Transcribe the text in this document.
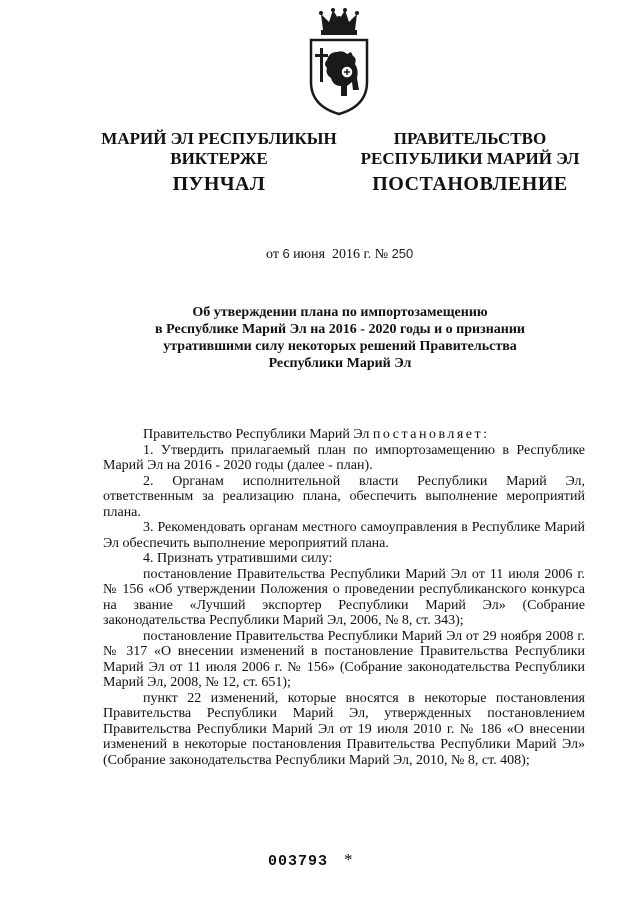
МАРИЙ ЭЛ РЕСПУБЛИКЫН
ВИКТЕРЖЕ
ПУНЧАЛ
ПРАВИТЕЛЬСТВО
РЕСПУБЛИКИ МАРИЙ ЭЛ
ПОСТАНОВЛЕНИЕ
от 6 июня  2016 г. № 250
Об утверждении плана по импортозамещению
в Республике Марий Эл на 2016 - 2020 годы и о признании
утратившими силу некоторых решений Правительства
Республики Марий Эл

Правительство Республики Марий Эл постановляет:

1. Утвердить прилагаемый план по импортозамещению в Республике Марий Эл на 2016 - 2020 годы (далее - план).

2. Органам исполнительной власти Республики Марий Эл, ответственным за реализацию плана, обеспечить выполнение мероприятий плана.

3. Рекомендовать органам местного самоуправления в Республике Марий Эл обеспечить выполнение мероприятий плана.

4. Признать утратившими силу:

постановление Правительства Республики Марий Эл от 11 июля 2006 г. № 156 «Об утверждении Положения о проведении республиканского конкурса на звание «Лучший экспортер Республики Марий Эл» (Собрание законодательства Республики Марий Эл, 2006, № 8, ст. 343);

постановление Правительства Республики Марий Эл от 29 ноября 2008 г. № 317 «О внесении изменений в постановление Правительства Республики Марий Эл от 11 июля 2006 г. № 156» (Собрание законодательства Республики Марий Эл, 2008, № 12, ст. 651);

пункт 22 изменений, которые вносятся в некоторые постановления Правительства Республики Марий Эл, утвержденных постановлением Правительства Республики Марий Эл от 19 июля 2010 г. № 186 «О внесении изменений в некоторые постановления Правительства Республики Марий Эл» (Собрание законодательства Республики Марий Эл, 2010, № 8, ст. 408);

003793 *
